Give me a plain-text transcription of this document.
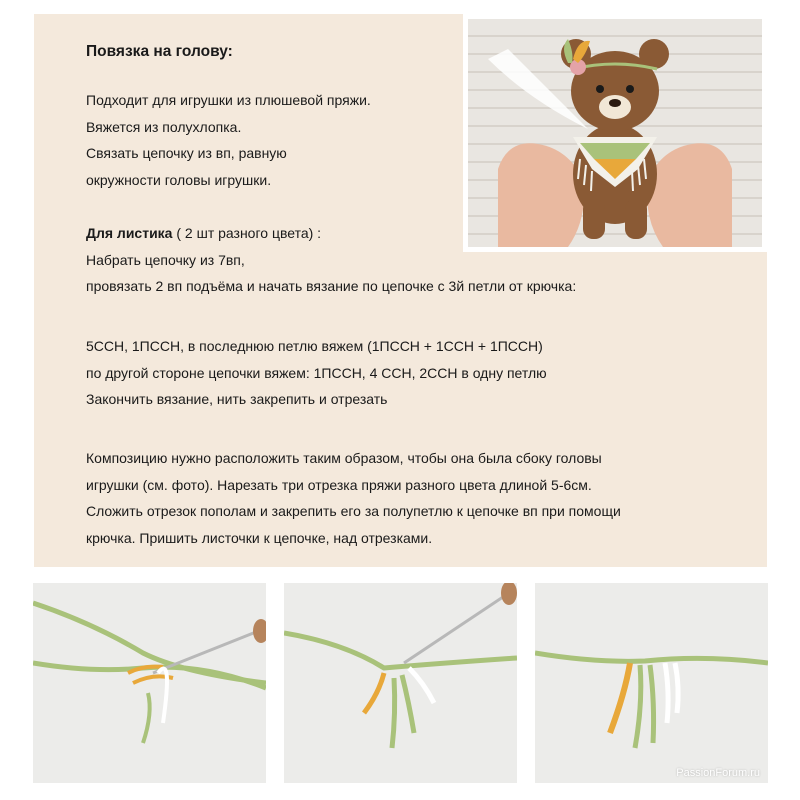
Повязка на голову:
Подходит для игрушки из плюшевой пряжи.
Вяжется из полухлопка.
Связать цепочку из вп, равную
окружности головы игрушки.
Для листика ( 2 шт разного цвета) :
Набрать цепочку из 7вп,
провязать 2 вп подъёма и начать вязание по цепочке с 3й петли от крючка:
5ССН, 1ПССН, в последнюю петлю вяжем (1ПССН + 1ССН + 1ПССН)
по другой стороне цепочки вяжем: 1ПССН, 4 ССН, 2ССН в одну петлю
Закончить вязание, нить закрепить и отрезать
Композицию нужно расположить таким образом, чтобы она была сбоку головы
игрушки (см. фото). Нарезать три отрезка пряжи разного цвета длиной 5-6см.
Сложить отрезок пополам и закрепить его за полупетлю к цепочке вп при помощи
крючка. Пришить листочки к цепочке, над отрезками.
PassionForum.ru
